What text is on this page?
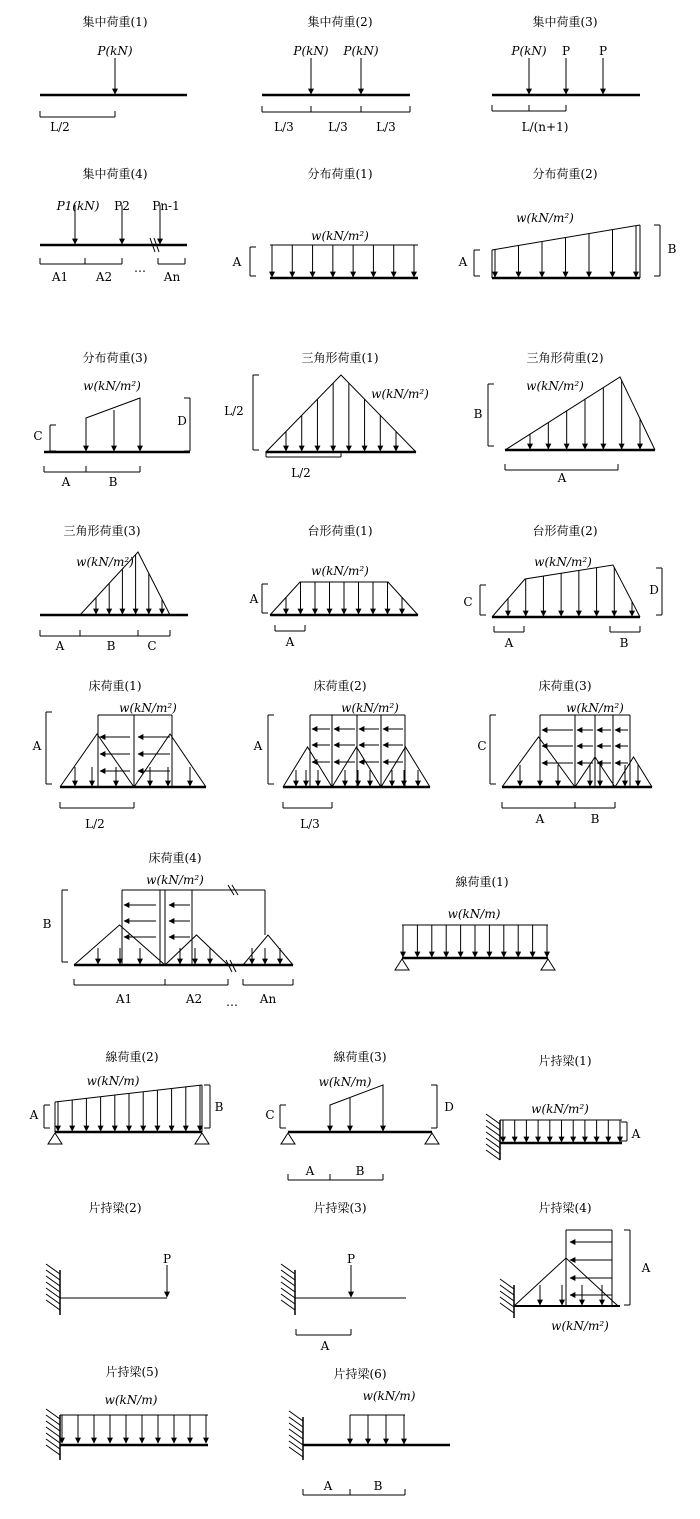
集中荷重(1)
P(kN)
L/2
集中荷重(2)
P(kN) P(kN)
L/3	L/3 L/3
集中荷重(3)
P(kN) P P
L/(n+1)
集中荷重(4)
P1(kN) P2 Pn-1
A1 A2
…
An
分布荷重(1)
w(kN/m²)
A
分布荷重(2)
w(kN/m²)
A
B
分布荷重(3)
w(kN/m²)
C
D
A	B
三角形荷重(1)
w(kN/m²)
L/2
L/2
三角形荷重(2)
w(kN/m²)
B
A
三角形荷重(3)
w(kN/m²)
A	B	C
台形荷重(1)
w(kN/m²)
A
A
台形荷重(2)
w(kN/m²)
C
D
A	B
床荷重(1)
w(kN/m²)
A
L/2
床荷重(2)
w(kN/m²)
A
L/3
床荷重(3)
w(kN/m²)
C
A	B
床荷重(4)
w(kN/m²)
B
A1	A2 … An
線荷重(1)
w(kN/m)
線荷重(2)
w(kN/m)
A
B
線荷重(3)
w(kN/m)
C
D
A	B
片持梁(1)
w(kN/m²)
A
片持梁(2)
P
片持梁(3)
P
A
片持梁(4)
w(kN/m²)
A
片持梁(5)
w(kN/m)
片持梁(6)
w(kN/m)
A	B
